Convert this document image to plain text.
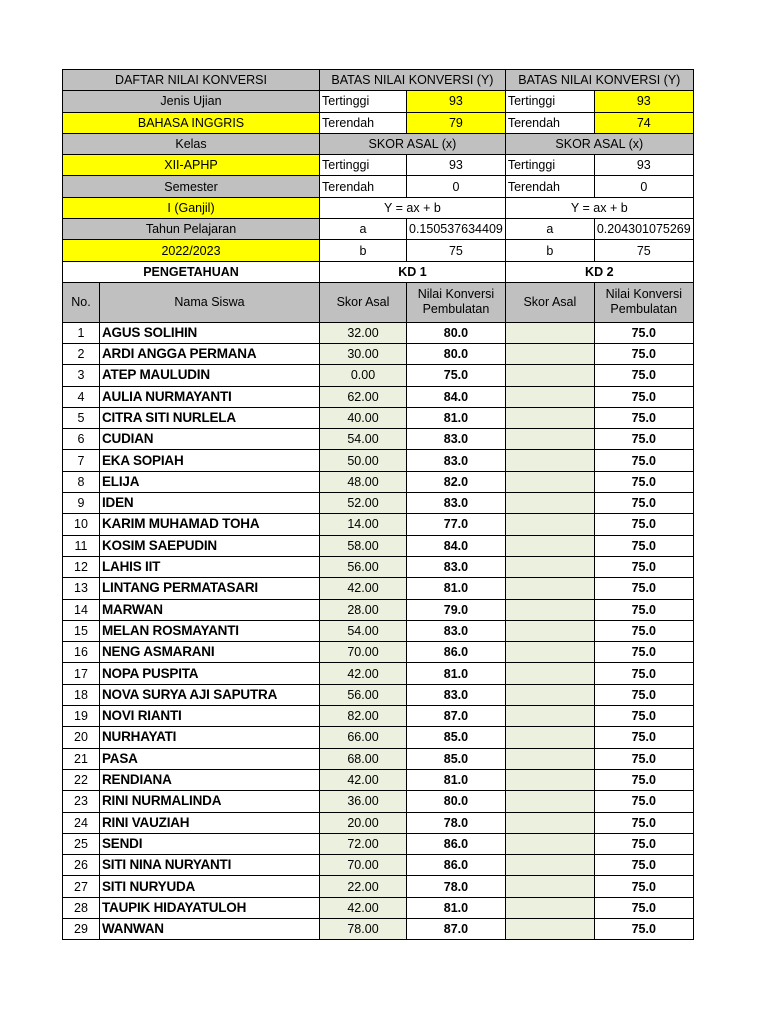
DAFTAR NILAI KONVERSI		BATAS NILAI KONVERSI (Y)		BATAS NILAI KONVERSI (Y)	
Jenis Ujian		Tertinggi	93	Tertinggi	93
BAHASA INGGRIS		Terendah	79	Terendah	74
Kelas		SKOR ASAL (x)		SKOR ASAL (x)	
XII-APHP		Tertinggi	93	Tertinggi	93
Semester		Terendah	0	Terendah	0
I (Ganjil)		Y = ax + b		Y = ax + b	
Tahun Pelajaran		a	0.150537634409	a	0.204301075269
2022/2023		b	75	b	75
PENGETAHUAN		KD 1		KD 2	
No.	Nama Siswa	Skor Asal	Nilai Konversi Pembulatan	Skor Asal	Nilai Konversi Pembulatan
1	AGUS SOLIHIN	32.00	80.0		75.0
2	ARDI ANGGA PERMANA	30.00	80.0		75.0
3	ATEP MAULUDIN	0.00	75.0		75.0
4	AULIA NURMAYANTI	62.00	84.0		75.0
5	CITRA SITI NURLELA	40.00	81.0		75.0
6	CUDIAN	54.00	83.0		75.0
7	EKA SOPIAH	50.00	83.0		75.0
8	ELIJA	48.00	82.0		75.0
9	IDEN	52.00	83.0		75.0
10	KARIM MUHAMAD TOHA	14.00	77.0		75.0
11	KOSIM SAEPUDIN	58.00	84.0		75.0
12	LAHIS IIT	56.00	83.0		75.0
13	LINTANG PERMATASARI	42.00	81.0		75.0
14	MARWAN	28.00	79.0		75.0
15	MELAN ROSMAYANTI	54.00	83.0		75.0
16	NENG ASMARANI	70.00	86.0		75.0
17	NOPA PUSPITA	42.00	81.0		75.0
18	NOVA SURYA AJI SAPUTRA	56.00	83.0		75.0
19	NOVI RIANTI	82.00	87.0		75.0
20	NURHAYATI	66.00	85.0		75.0
21	PASA	68.00	85.0		75.0
22	RENDIANA	42.00	81.0		75.0
23	RINI NURMALINDA	36.00	80.0		75.0
24	RINI VAUZIAH	20.00	78.0		75.0
25	SENDI	72.00	86.0		75.0
26	SITI NINA NURYANTI	70.00	86.0		75.0
27	SITI NURYUDA	22.00	78.0		75.0
28	TAUPIK HIDAYATULOH	42.00	81.0		75.0
29	WANWAN	78.00	87.0		75.0
